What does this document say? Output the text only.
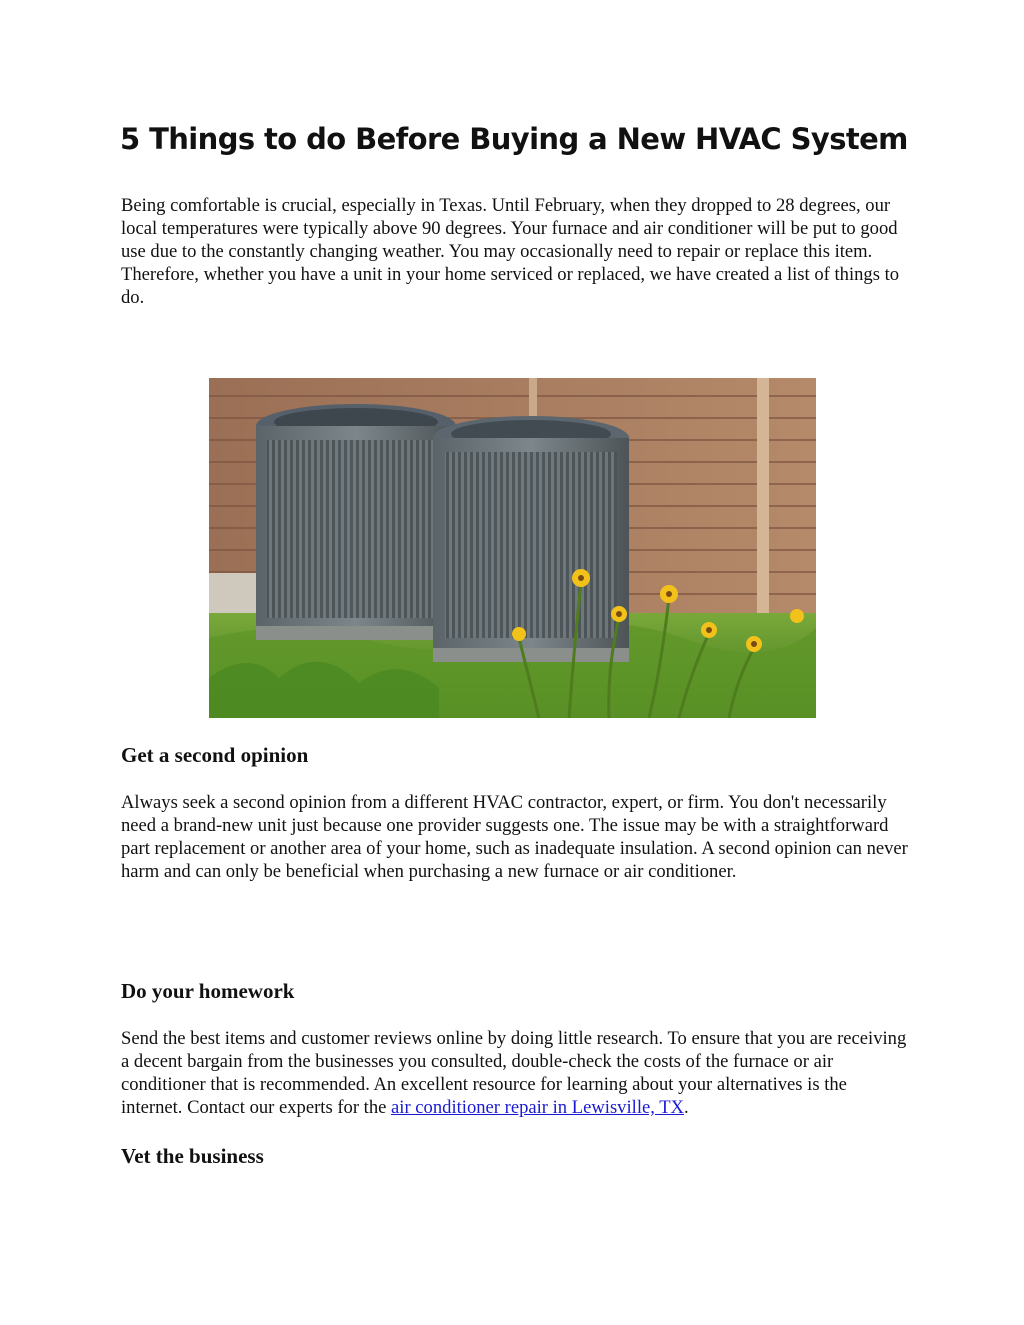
5 Things to do Before Buying a New HVAC System

Being comfortable is crucial, especially in Texas. Until February, when they dropped to 28 degrees, our local temperatures were typically above 90 degrees. Your furnace and air conditioner will be put to good use due to the constantly changing weather. You may occasionally need to repair or replace this item. Therefore, whether you have a unit in your home serviced or replaced, we have created a list of things to do.

Get a second opinion

Always seek a second opinion from a different HVAC contractor, expert, or firm. You don't necessarily need a brand-new unit just because one provider suggests one. The issue may be with a straightforward part replacement or another area of your home, such as inadequate insulation. A second opinion can never harm and can only be beneficial when purchasing a new furnace or air conditioner.

Do your homework

Send the best items and customer reviews online by doing little research. To ensure that you are receiving a decent bargain from the businesses you consulted, double-check the costs of the furnace or air conditioner that is recommended. An excellent resource for learning about your alternatives is the internet. Contact our experts for the air conditioner repair in Lewisville, TX.

Vet the business
